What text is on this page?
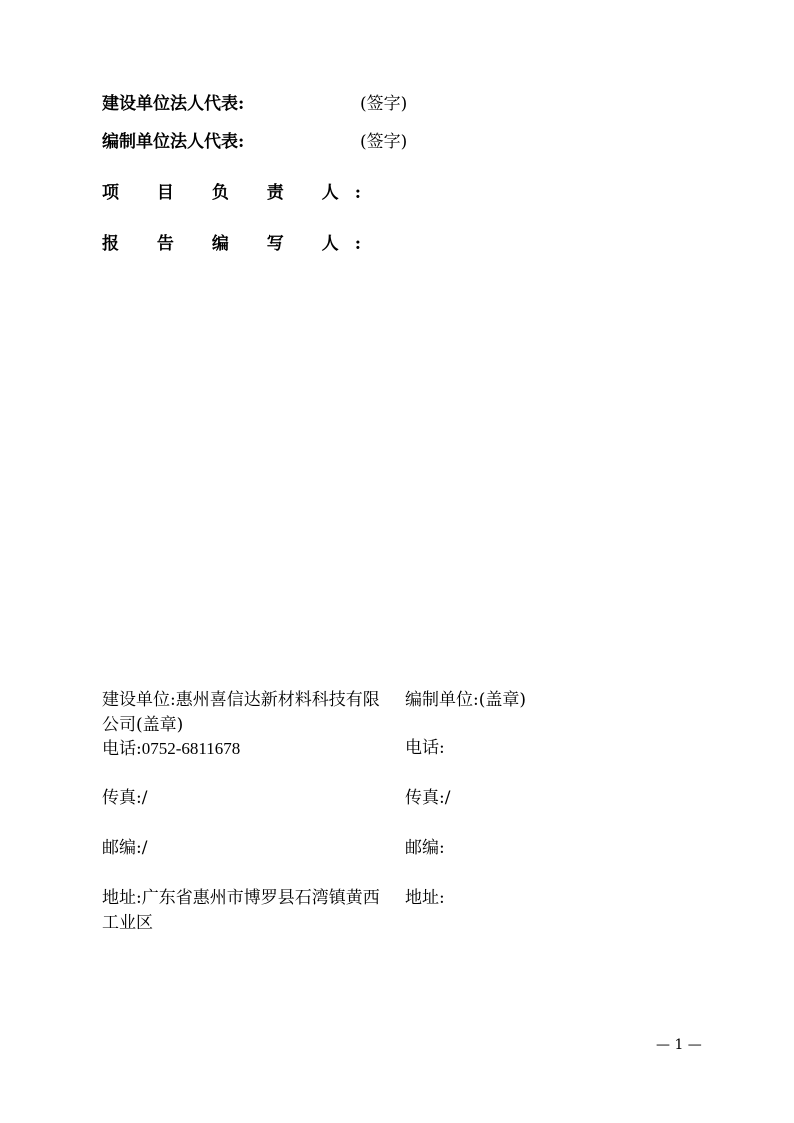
建设单位法人代表:	(签字)
编制单位法人代表:	(签字)
项 目 负 责 人:
报 告 编 写 人:
建设单位:惠州喜信达新材料科技有限公司(盖章)
电话:0752-6811678
传真:/
邮编:/
地址:广东省惠州市博罗县石湾镇黄西工业区
编制单位:(盖章)
电话:
传真:/
邮编:
地址:
— 1 —
